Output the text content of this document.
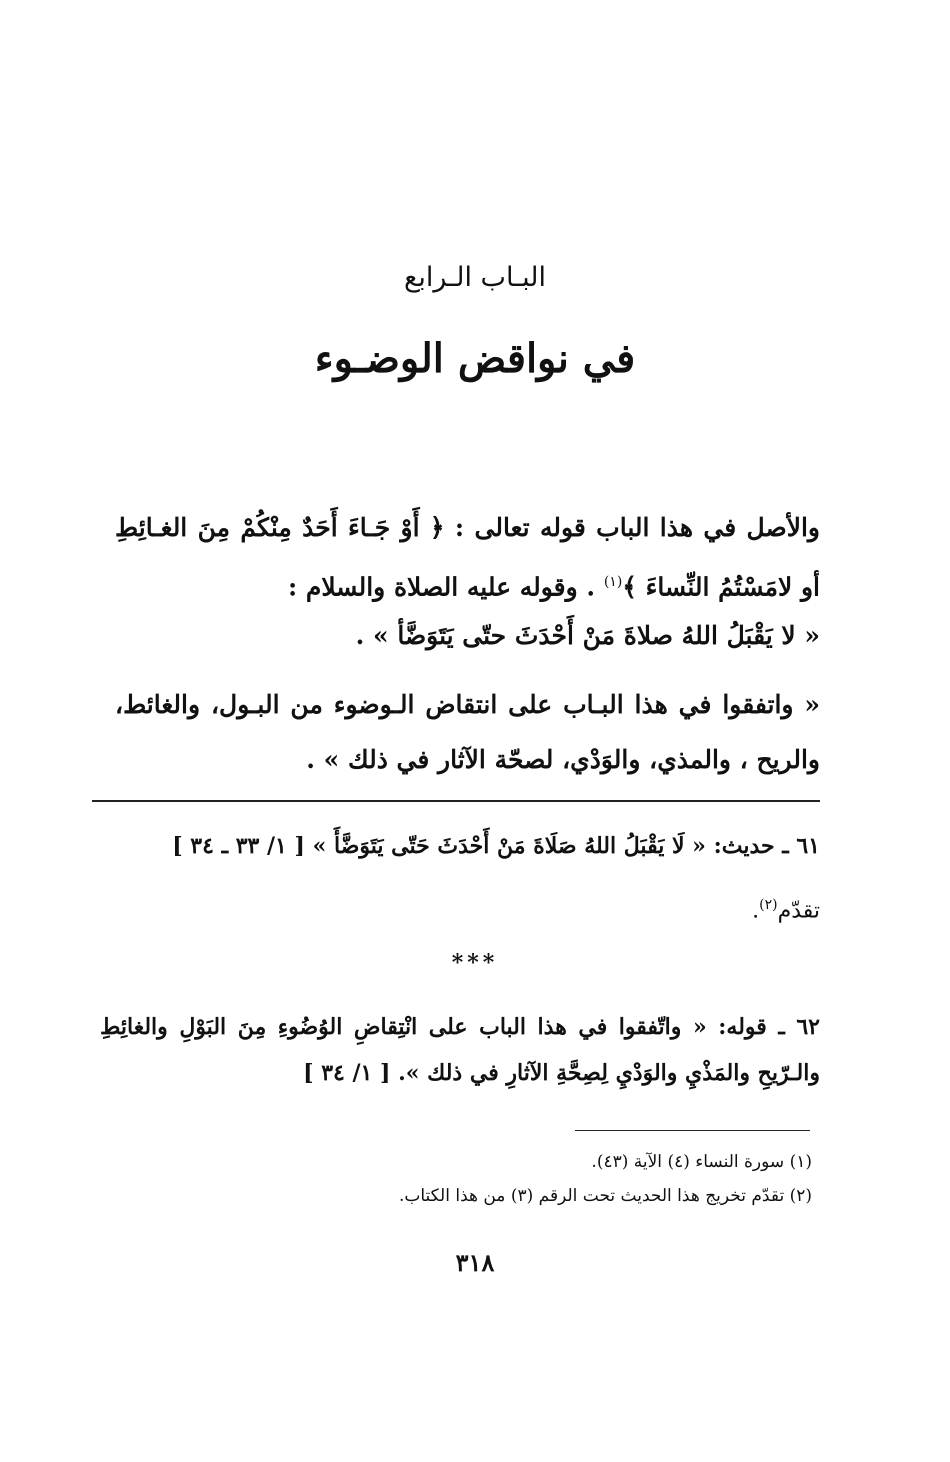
البـاب الـرابع
في نواقض الوضـوء
والأصل في هذا الباب قوله تعالى : ﴿ أَوْ جَـاءَ أَحَدٌ مِنْكُمْ مِنَ الغـائِطِ أو لامَسْتُمُ النِّساءَ ﴾$^{(١)}$ . وقوله عليه الصلاة والسلام :
« لا يَقْبَلُ اللهُ صلاةَ مَنْ أَحْدَثَ حتّى يَتَوَضَّأ » .
« واتفقوا في هذا البـاب على انتقاض الـوضوء من البـول، والغائط، والريح ، والمذي، والوَدْي، لصحّة الآثار في ذلك » .
٦١ ـ حديث: « لَا يَقْبَلُ اللهُ صَلَاةَ مَنْ أَحْدَثَ حَتّى يَتَوَضَّأَ » [ ١/ ٣٣ ـ ٣٤ ]
تقدّم$^{(٢)}$.
***
٦٢ ـ قوله: « واتّفقوا في هذا الباب على انْتِقاضِ الوُضُوءِ مِنَ البَوْلِ والغائِطِ والـرّيحِ والمَذْيِ والوَدْيِ لِصِحَّةِ الآثارِ في ذلك ». [ ١/ ٣٤ ]
(١) سورة النساء (٤) الآية (٤٣).
(٢) تقدّم تخريج هذا الحديث تحت الرقم (٣) من هذا الكتاب.
٣١٨
